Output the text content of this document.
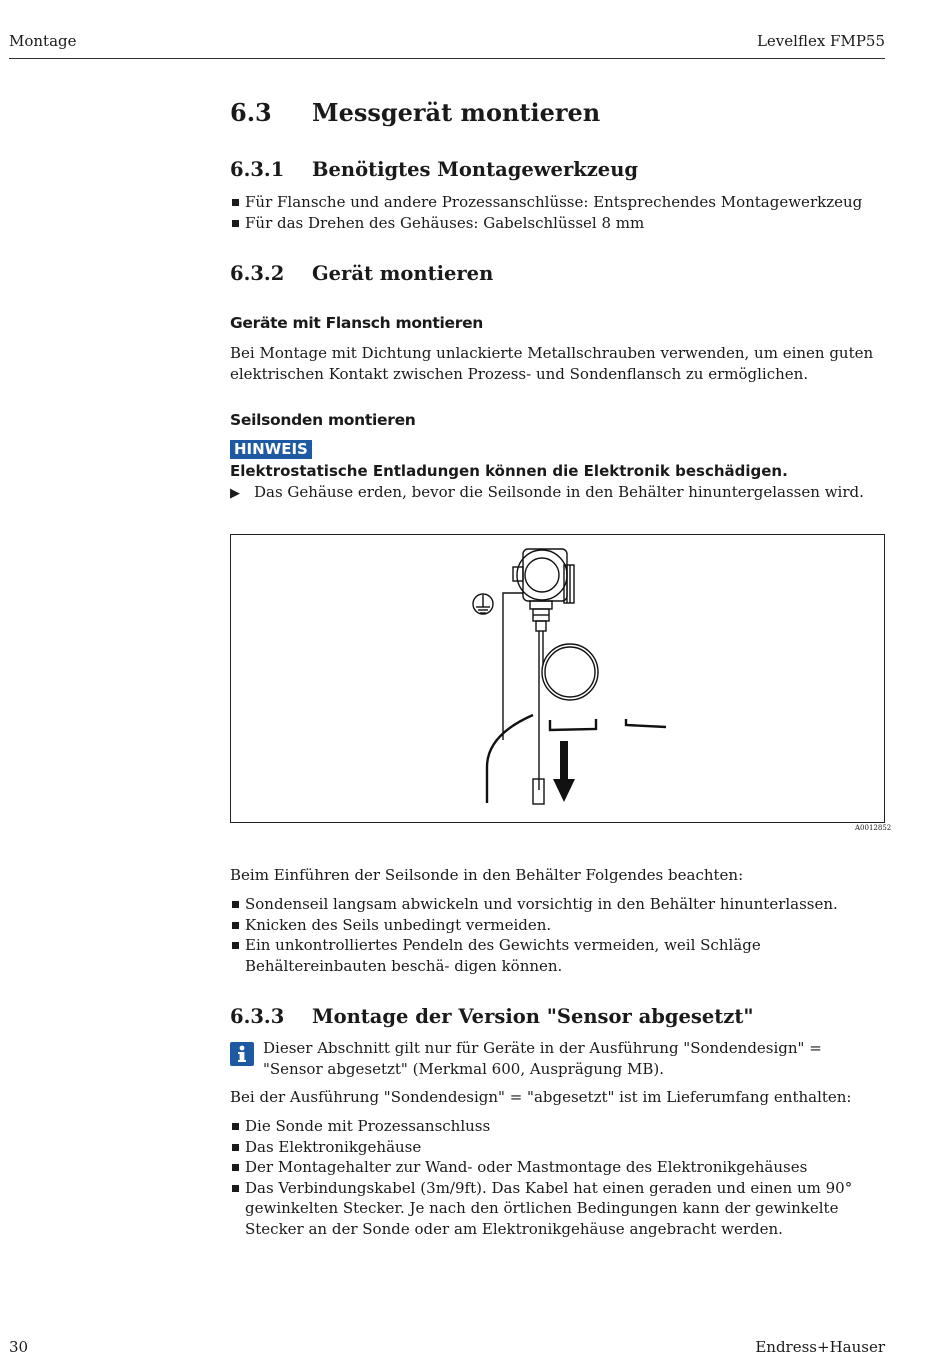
Montage	Levelflex FMP55
6.3 Messgerät montieren
6.3.1 Benötigtes Montagewerkzeug
Für Flansche und andere Prozessanschlüsse: Entsprechendes Montagewerkzeug
Für das Drehen des Gehäuses: Gabelschlüssel 8 mm
6.3.2 Gerät montieren
Geräte mit Flansch montieren
Bei Montage mit Dichtung unlackierte Metallschrauben verwenden, um einen guten elektrischen Kontakt zwischen Prozess- und Sondenflansch zu ermöglichen.
Seilsonden montieren
HINWEIS
Elektrostatische Entladungen können die Elektronik beschädigen.
▶ Das Gehäuse erden, bevor die Seilsonde in den Behälter hinuntergelassen wird.
A0012852
Beim Einführen der Seilsonde in den Behälter Folgendes beachten:
Sondenseil langsam abwickeln und vorsichtig in den Behälter hinunterlassen.
Knicken des Seils unbedingt vermeiden.
Ein unkontrolliertes Pendeln des Gewichts vermeiden, weil Schläge Behältereinbauten beschä- digen können.
6.3.3 Montage der Version "Sensor abgesetzt"
Dieser Abschnitt gilt nur für Geräte in der Ausführung "Sondendesign" = "Sensor abgesetzt" (Merkmal 600, Ausprägung MB).
Bei der Ausführung "Sondendesign" = "abgesetzt" ist im Lieferumfang enthalten:
Die Sonde mit Prozessanschluss
Das Elektronikgehäuse
Der Montagehalter zur Wand- oder Mastmontage des Elektronikgehäuses
Das Verbindungskabel (3m/9ft). Das Kabel hat einen geraden und einen um 90° gewinkelten Stecker. Je nach den örtlichen Bedingungen kann der gewinkelte Stecker an der Sonde oder am Elektronikgehäuse angebracht werden.
30	Endress+Hauser
